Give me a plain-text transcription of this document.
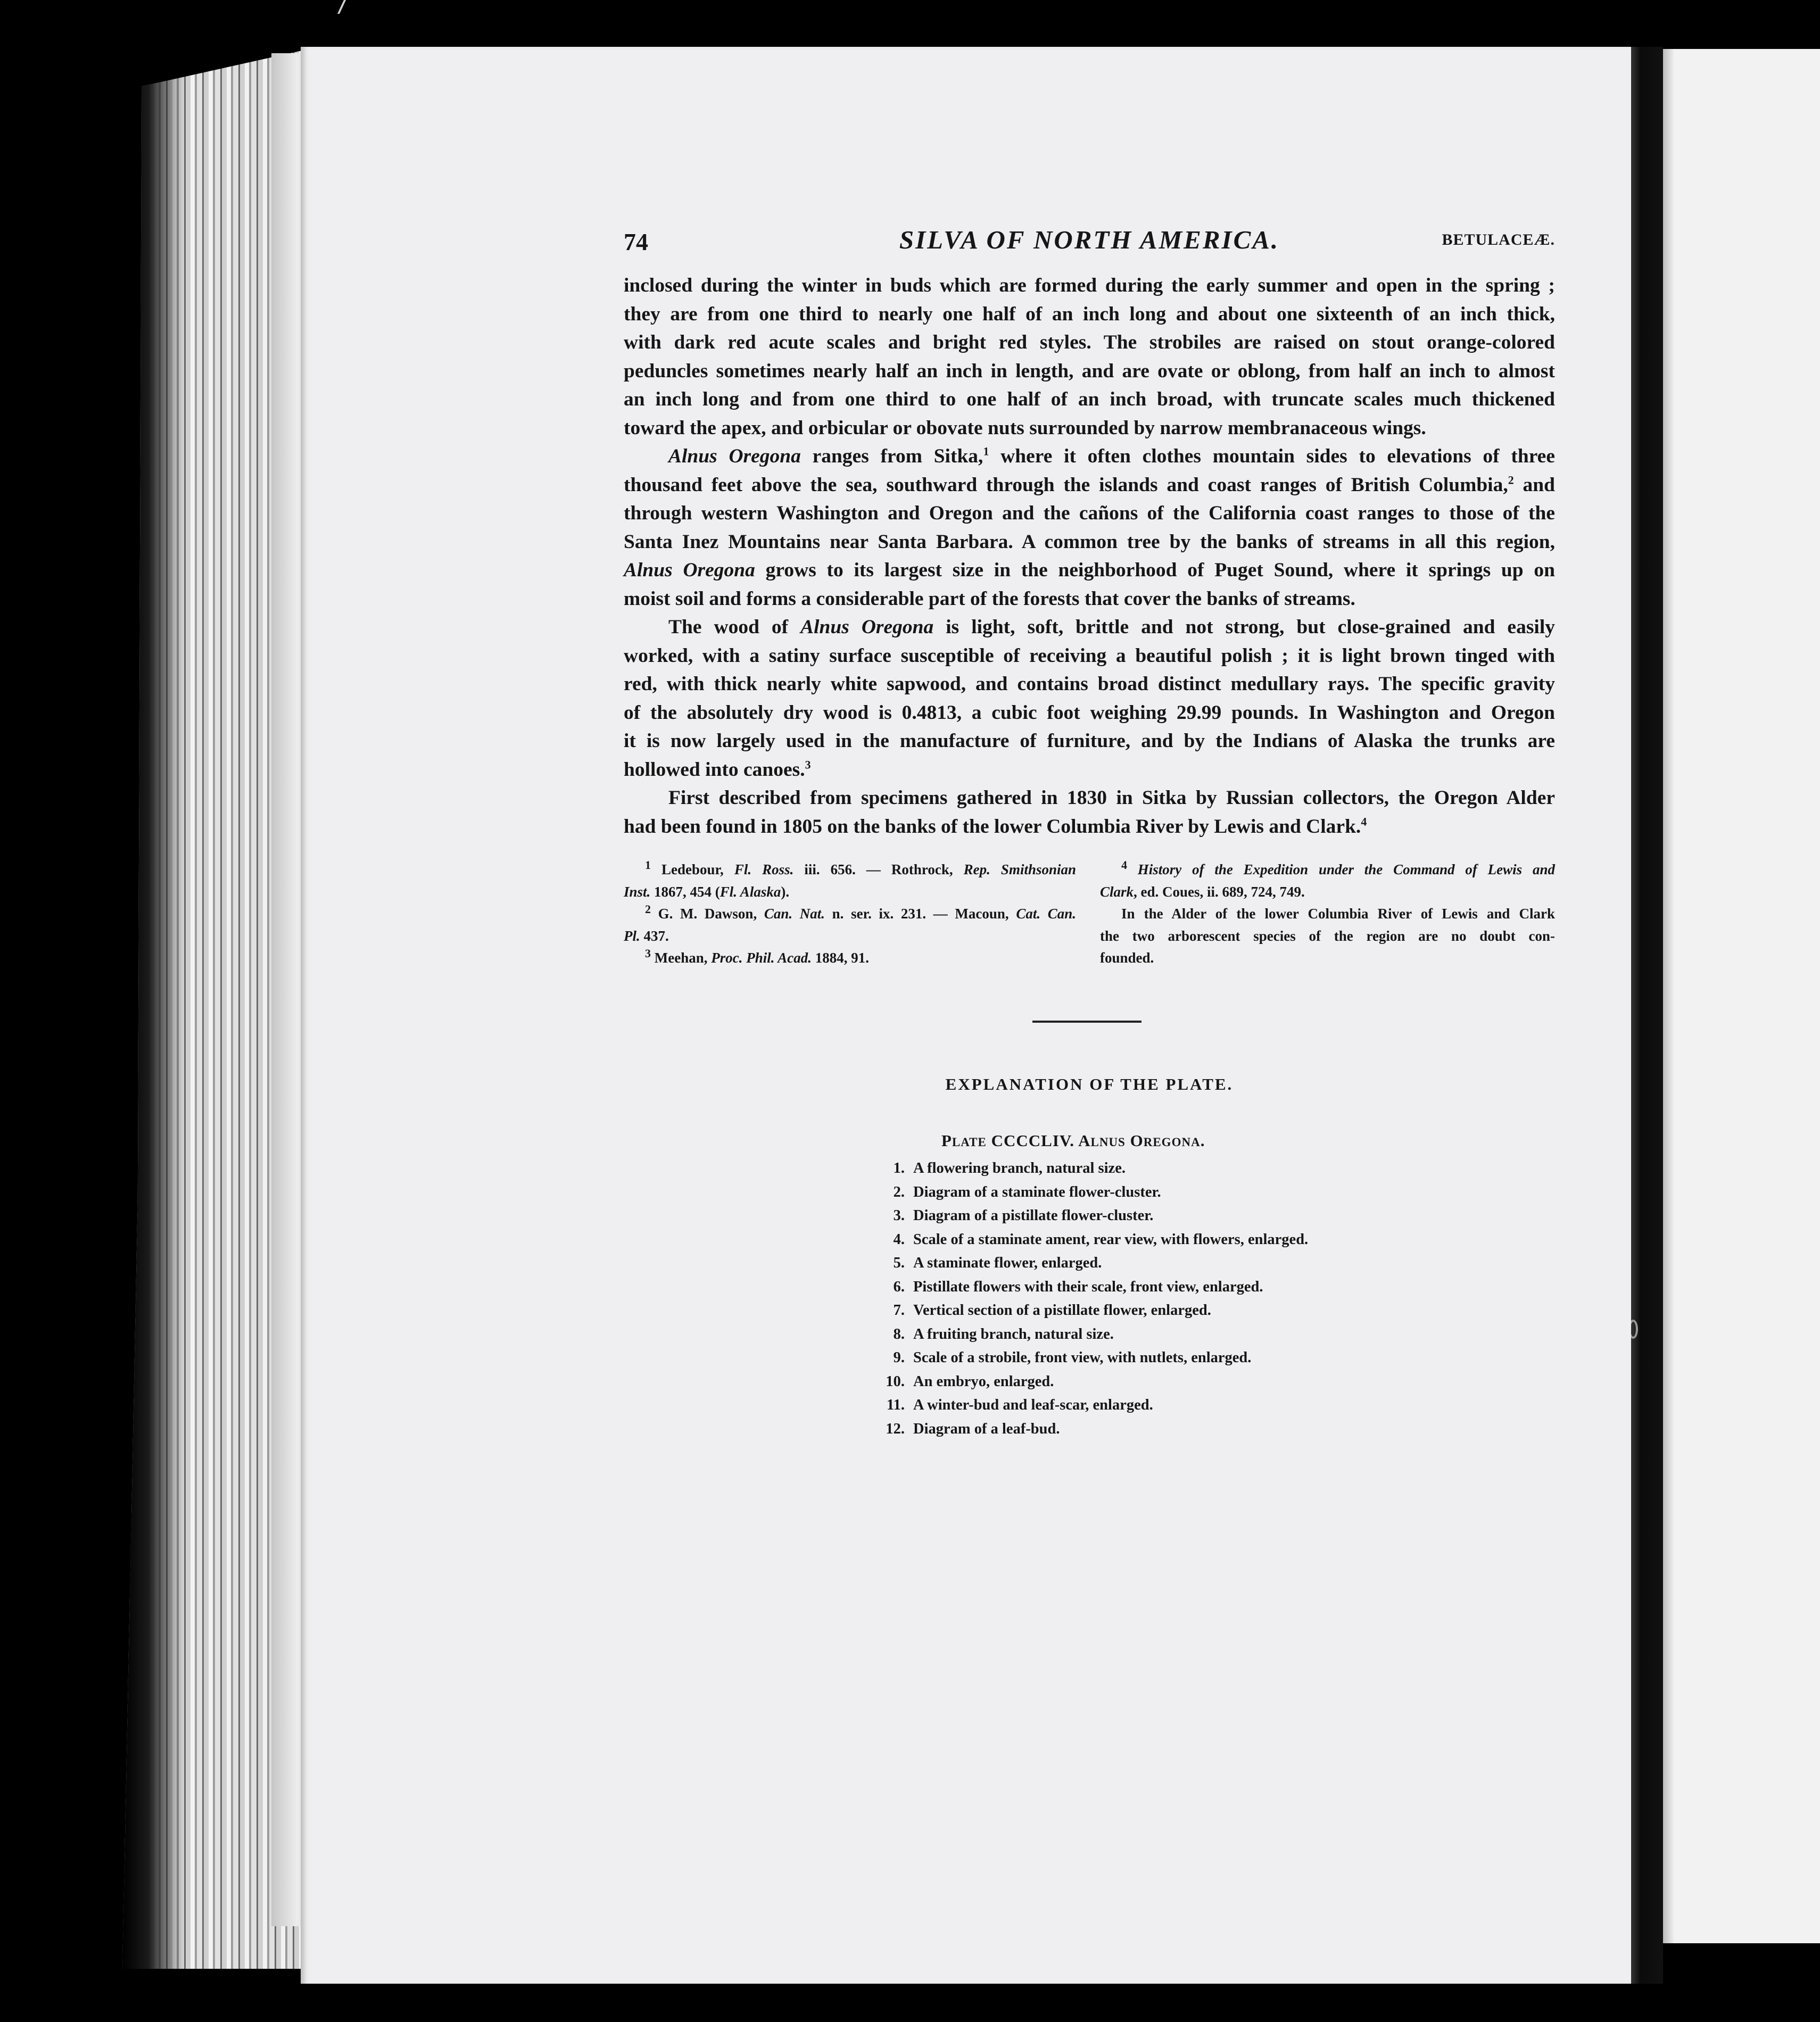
74	SILVA OF NORTH AMERICA.	BETULACEÆ.
inclosed during the winter in buds which are formed during the early summer and open in the spring ;
they are from one third to nearly one half of an inch long and about one sixteenth of an inch thick,
with dark red acute scales and bright red styles. The strobiles are raised on stout orange-colored
peduncles sometimes nearly half an inch in length, and are ovate or oblong, from half an inch to almost
an inch long and from one third to one half of an inch broad, with truncate scales much thickened
toward the apex, and orbicular or obovate nuts surrounded by narrow membranaceous wings.
Alnus Oregona ranges from Sitka,$^1$ where it often clothes mountain sides to elevations of three
thousand feet above the sea, southward through the islands and coast ranges of British Columbia,$^2$ and
through western Washington and Oregon and the cañons of the California coast ranges to those of the
Santa Inez Mountains near Santa Barbara. A common tree by the banks of streams in all this region,
Alnus Oregona grows to its largest size in the neighborhood of Puget Sound, where it springs up on
moist soil and forms a considerable part of the forests that cover the banks of streams.
The wood of Alnus Oregona is light, soft, brittle and not strong, but close-grained and easily
worked, with a satiny surface susceptible of receiving a beautiful polish ; it is light brown tinged with
red, with thick nearly white sapwood, and contains broad distinct medullary rays. The specific gravity
of the absolutely dry wood is 0.4813, a cubic foot weighing 29.99 pounds. In Washington and Oregon
it is now largely used in the manufacture of furniture, and by the Indians of Alaska the trunks are
hollowed into canoes.$^3$
First described from specimens gathered in 1830 in Sitka by Russian collectors, the Oregon Alder
had been found in 1805 on the banks of the lower Columbia River by Lewis and Clark.$^4$

$^1$ Ledebour, Fl. Ross. iii. 656. — Rothrock, Rep. Smithsonian
Inst. 1867, 454 (Fl. Alaska).

$^2$ G. M. Dawson, Can. Nat. n. ser. ix. 231. — Macoun, Cat. Can.
Pl. 437.

$^3$ Meehan, Proc. Phil. Acad. 1884, 91.

$^4$ History of the Expedition under the Command of Lewis and
Clark, ed. Coues, ii. 689, 724, 749.
In the Alder of the lower Columbia River of Lewis and Clark
the two arborescent species of the region are no doubt con-
founded.

EXPLANATION OF THE PLATE.
PLATE CCCCLIV. ALNUS OREGONA.
1. A flowering branch, natural size.
2. Diagram of a staminate flower-cluster.
3. Diagram of a pistillate flower-cluster.
4. Scale of a staminate ament, rear view, with flowers, enlarged.
5. A staminate flower, enlarged.
6. Pistillate flowers with their scale, front view, enlarged.
7. Vertical section of a pistillate flower, enlarged.
8. A fruiting branch, natural size.
9. Scale of a strobile, front view, with nutlets, enlarged.
10. An embryo, enlarged.
11. A winter-bud and leaf-scar, enlarged.
12. Diagram of a leaf-bud.
